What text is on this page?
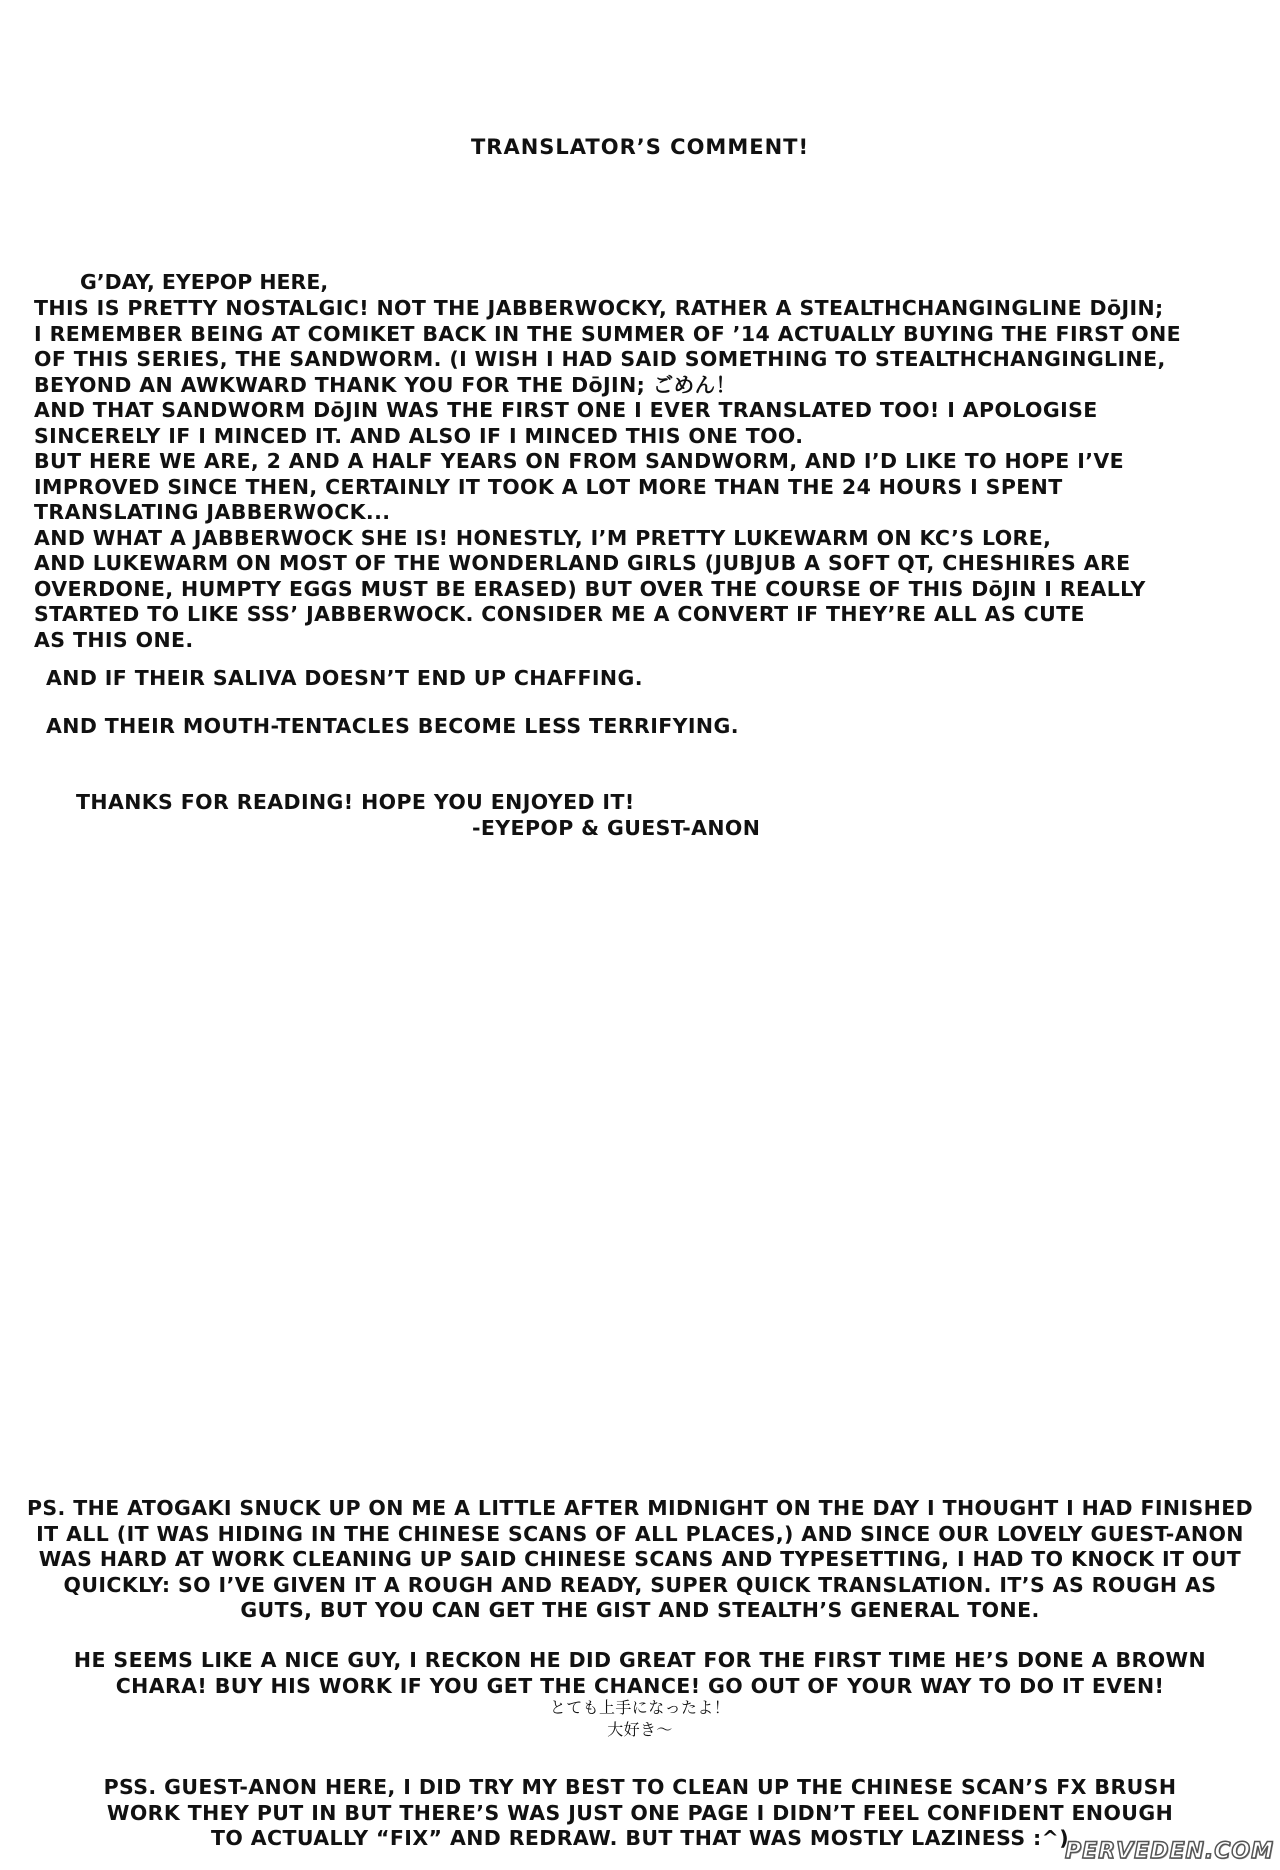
TRANSLATOR’S COMMENT!
G’DAY, EYEPOP HERE,
THIS IS PRETTY NOSTALGIC! NOT THE JABBERWOCKY, RATHER A STEALTHCHANGINGLINE DōJIN;
I REMEMBER BEING AT COMIKET BACK IN THE SUMMER OF ’14 ACTUALLY BUYING THE FIRST ONE
OF THIS SERIES, THE SANDWORM. (I WISH I HAD SAID SOMETHING TO STEALTHCHANGINGLINE,
BEYOND AN AWKWARD THANK YOU FOR THE DōJIN; ごめん！
AND THAT SANDWORM DōJIN WAS THE FIRST ONE I EVER TRANSLATED TOO! I APOLOGISE
SINCERELY IF I MINCED IT. AND ALSO IF I MINCED THIS ONE TOO.
BUT HERE WE ARE, 2 AND A HALF YEARS ON FROM SANDWORM, AND I’D LIKE TO HOPE I’VE
IMPROVED SINCE THEN, CERTAINLY IT TOOK A LOT MORE THAN THE 24 HOURS I SPENT
TRANSLATING JABBERWOCK...
AND WHAT A JABBERWOCK SHE IS! HONESTLY, I’M PRETTY LUKEWARM ON KC’S LORE,
AND LUKEWARM ON MOST OF THE WONDERLAND GIRLS (JUBJUB A SOFT QT, CHESHIRES ARE
OVERDONE, HUMPTY EGGS MUST BE ERASED) BUT OVER THE COURSE OF THIS DōJIN I REALLY
STARTED TO LIKE SSS’ JABBERWOCK. CONSIDER ME A CONVERT IF THEY’RE ALL AS CUTE
AS THIS ONE.
AND IF THEIR SALIVA DOESN’T END UP CHAFFING.
AND THEIR MOUTH-TENTACLES BECOME LESS TERRIFYING.
THANKS FOR READING! HOPE YOU ENJOYED IT!
-EYEPOP & GUEST-ANON
PS. THE ATOGAKI SNUCK UP ON ME A LITTLE AFTER MIDNIGHT ON THE DAY I THOUGHT I HAD FINISHED
IT ALL (IT WAS HIDING IN THE CHINESE SCANS OF ALL PLACES,) AND SINCE OUR LOVELY GUEST-ANON
WAS HARD AT WORK CLEANING UP SAID CHINESE SCANS AND TYPESETTING, I HAD TO KNOCK IT OUT
QUICKLY: SO I’VE GIVEN IT A ROUGH AND READY, SUPER QUICK TRANSLATION. IT’S AS ROUGH AS
GUTS, BUT YOU CAN GET THE GIST AND STEALTH’S GENERAL TONE.
HE SEEMS LIKE A NICE GUY, I RECKON HE DID GREAT FOR THE FIRST TIME HE’S DONE A BROWN
CHARA! BUY HIS WORK IF YOU GET THE CHANCE! GO OUT OF YOUR WAY TO DO IT EVEN!
とても上手になったよ！
大好き～
PSS. GUEST-ANON HERE, I DID TRY MY BEST TO CLEAN UP THE CHINESE SCAN’S FX BRUSH
WORK THEY PUT IN BUT THERE’S WAS JUST ONE PAGE I DIDN’T FEEL CONFIDENT ENOUGH
TO ACTUALLY “FIX” AND REDRAW. BUT THAT WAS MOSTLY LAZINESS :^)
PERVEDEN.COM
